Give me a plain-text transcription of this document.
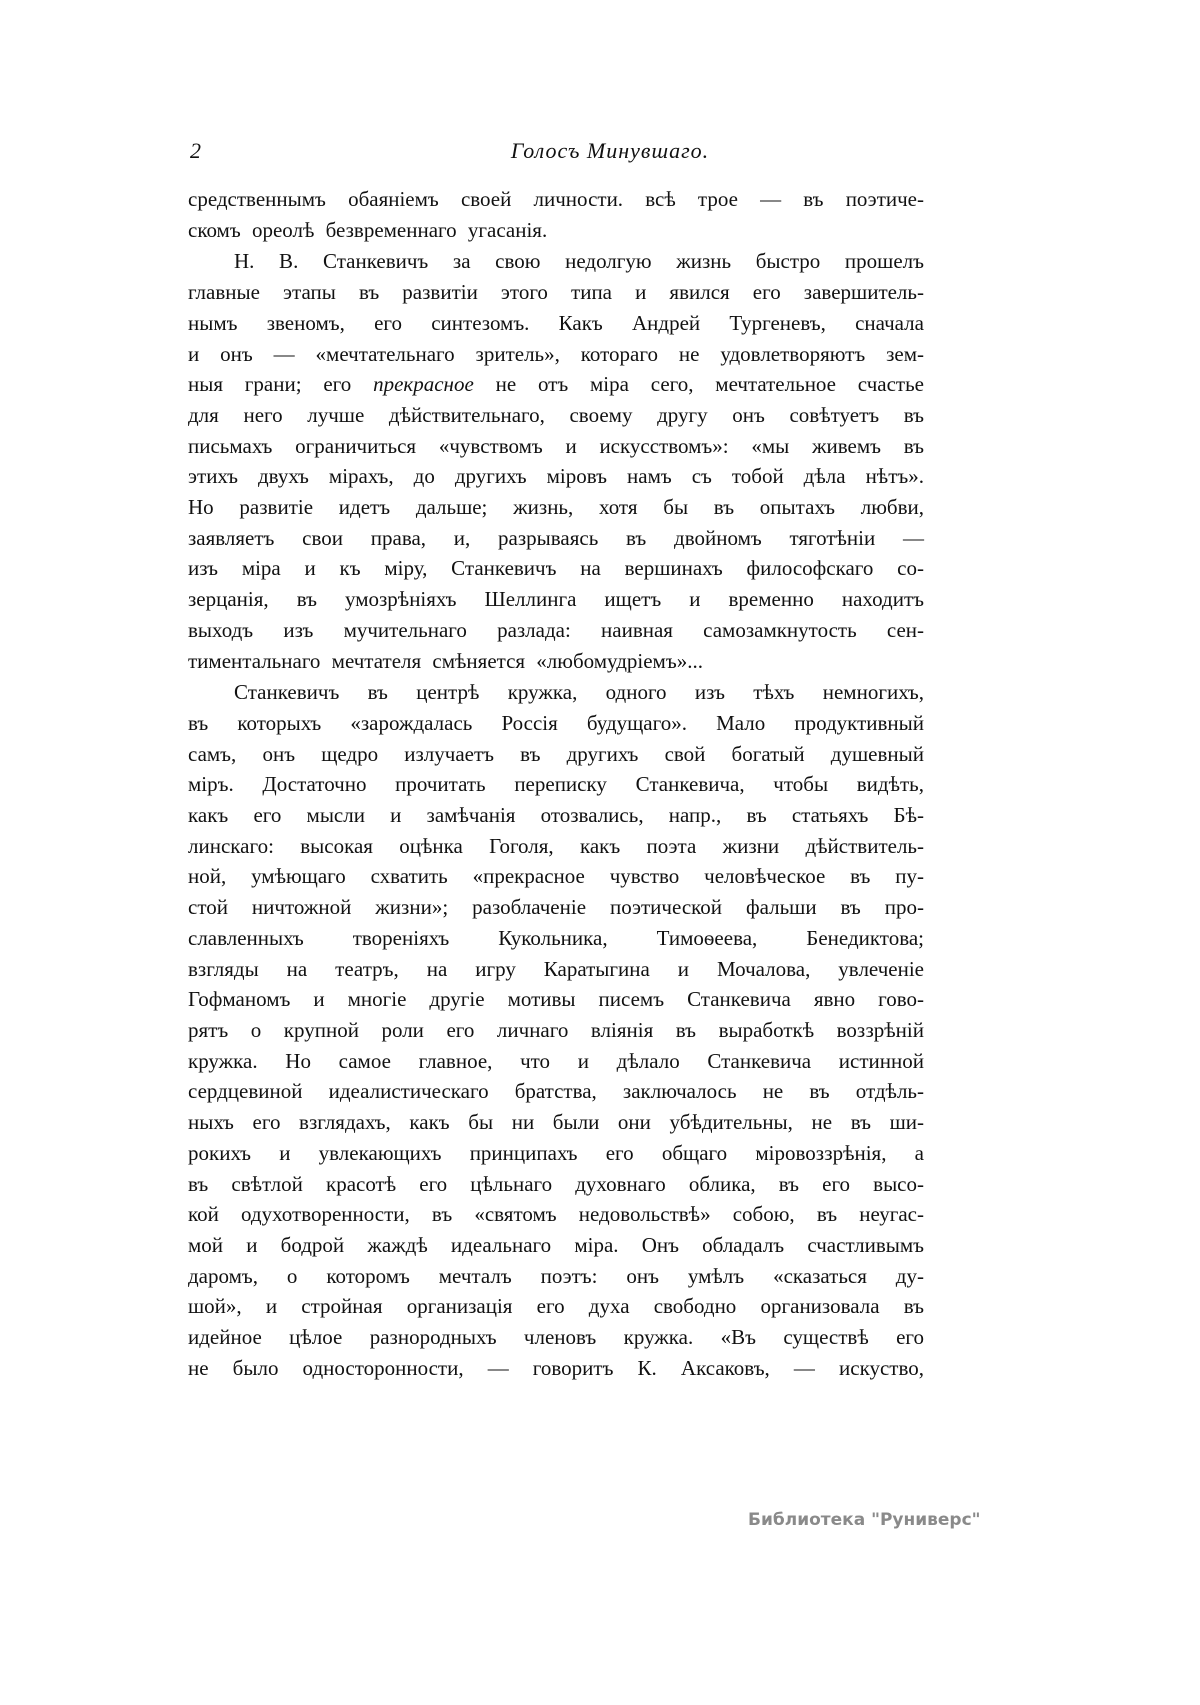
2	Голосъ Минувшаго.
средственнымъ обаяніемъ своей личности. всѣ трое — въ поэтиче-
скомъ ореолѣ безвременнаго угасанія.
Н. В. Станкевичъ за свою недолгую жизнь быстро прошелъ
главные этапы въ развитіи этого типа и явился его завершитель-
нымъ звеномъ, его синтезомъ. Какъ Андрей Тургеневъ, сначала
и онъ — «мечтательнаго зритель», котораго не удовлетворяютъ зем-
ныя грани; его прекрасное не отъ міра сего, мечтательное счастье
для него лучше дѣйствительнаго, своему другу онъ совѣтуетъ въ
письмахъ ограничиться «чувствомъ и искусствомъ»: «мы живемъ въ
этихъ двухъ мірахъ, до другихъ міровъ намъ съ тобой дѣла нѣтъ».
Но развитіе идетъ дальше; жизнь, хотя бы въ опытахъ любви,
заявляетъ свои права, и, разрываясь въ двойномъ тяготѣніи —
изъ міра и къ міру, Станкевичъ на вершинахъ философскаго со-
зерцанія, въ умозрѣніяхъ Шеллинга ищетъ и временно находитъ
выходъ изъ мучительнаго разлада: наивная самозамкнутость сен-
тиментальнаго мечтателя смѣняется «любомудріемъ»...
Станкевичъ въ центрѣ кружка, одного изъ тѣхъ немногихъ,
въ которыхъ «зарождалась Россія будущаго». Мало продуктивный
самъ, онъ щедро излучаетъ въ другихъ свой богатый душевный
міръ. Достаточно прочитать переписку Станкевича, чтобы видѣть,
какъ его мысли и замѣчанія отозвались, напр., въ статьяхъ Бѣ-
линскаго: высокая оцѣнка Гоголя, какъ поэта жизни дѣйствитель-
ной, умѣющаго схватить «прекрасное чувство человѣческое въ пу-
стой ничтожной жизни»; разоблаченіе поэтической фальши въ про-
славленныхъ твореніяхъ Кукольника, Тимоѳеева, Бенедиктова;
взгляды на театръ, на игру Каратыгина и Мочалова, увлеченіе
Гофманомъ и многіе другіе мотивы писемъ Станкевича явно гово-
рятъ о крупной роли его личнаго вліянія въ выработкѣ воззрѣній
кружка. Но самое главное, что и дѣлало Станкевича истинной
сердцевиной идеалистическаго братства, заключалось не въ отдѣль-
ныхъ его взглядахъ, какъ бы ни были они убѣдительны, не въ ши-
рокихъ и увлекающихъ принципахъ его общаго міровоззрѣнія, а
въ свѣтлой красотѣ его цѣльнаго духовнаго облика, въ его высо-
кой одухотворенности, въ «святомъ недовольствѣ» собою, въ неугас-
мой и бодрой жаждѣ идеальнаго міра. Онъ обладалъ счастливымъ
даромъ, о которомъ мечталъ поэтъ: онъ умѣлъ «сказаться ду-
шой», и стройная организація его духа свободно организовала въ
идейное цѣлое разнородныхъ членовъ кружка. «Въ существѣ его
не было односторонности, — говоритъ К. Аксаковъ, — искуство,
Библиотека "Руниверс"
